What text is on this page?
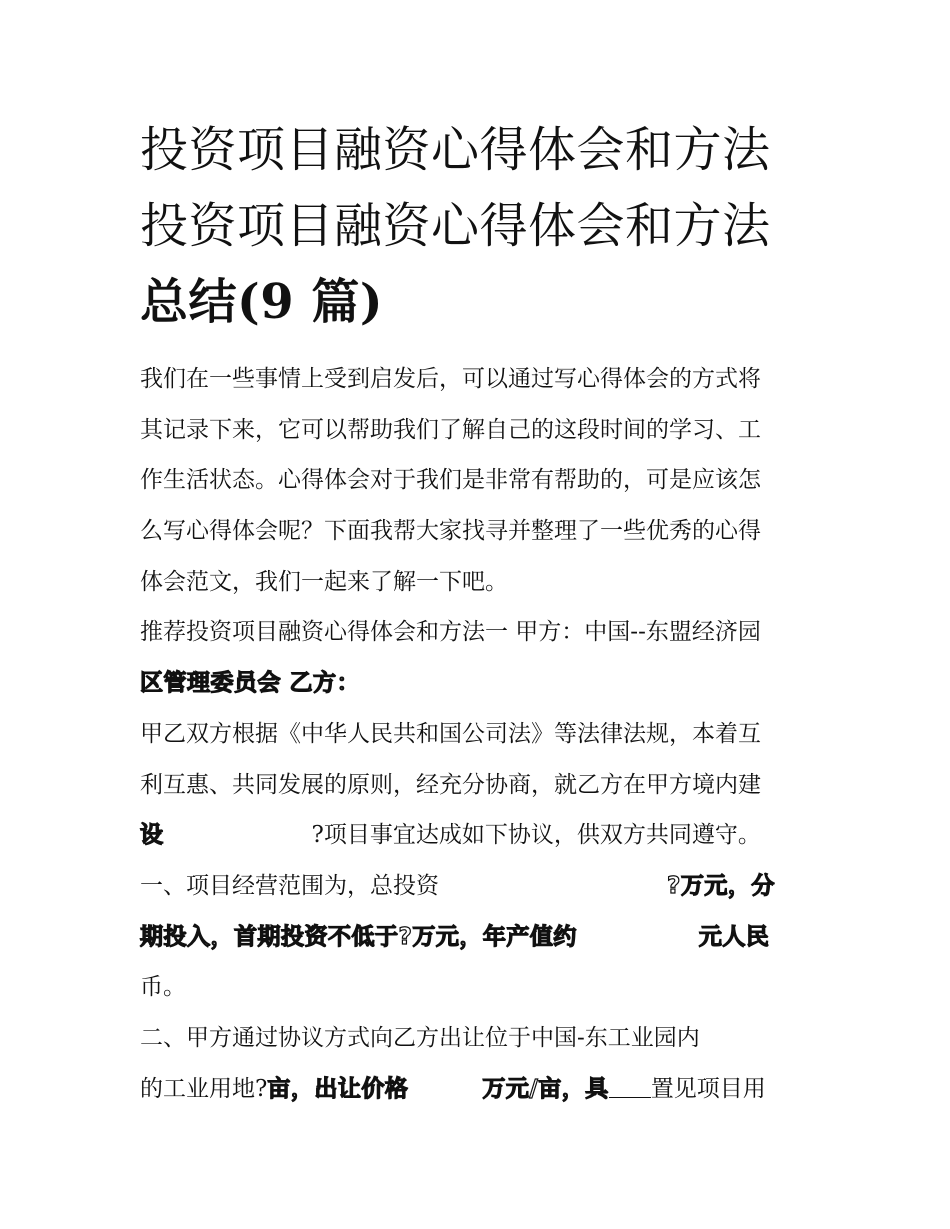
投资项目融资心得体会和方法
投资项目融资心得体会和方法
总结(9 篇)

我们在一些事情上受到启发后，可以通过写心得体会的方式将
其记录下来，它可以帮助我们了解自己的这段时间的学习、工
作生活状态。心得体会对于我们是非常有帮助的，可是应该怎
么写心得体会呢？下面我帮大家找寻并整理了一些优秀的心得
体会范文，我们一起来了解一下吧。

推荐投资项目融资心得体会和方法一 甲方：中国--东盟经济园
区管理委员会 乙方：

甲乙双方根据《中华人民共和国公司法》等法律法规，本着互
利互惠、共同发展的原则，经充分协商，就乙方在甲方境内建
设	?项目事宜达成如下协议，供双方共同遵守。

一、项目经营范围为，总投资	?万元，分
期投入，首期投资不低于?万元，年产值约	元人民
币。

二、甲方通过协议方式向乙方出让位于中国-东工业园内
的工业用地?亩，出让价格	万元/亩，具 置见项目用
